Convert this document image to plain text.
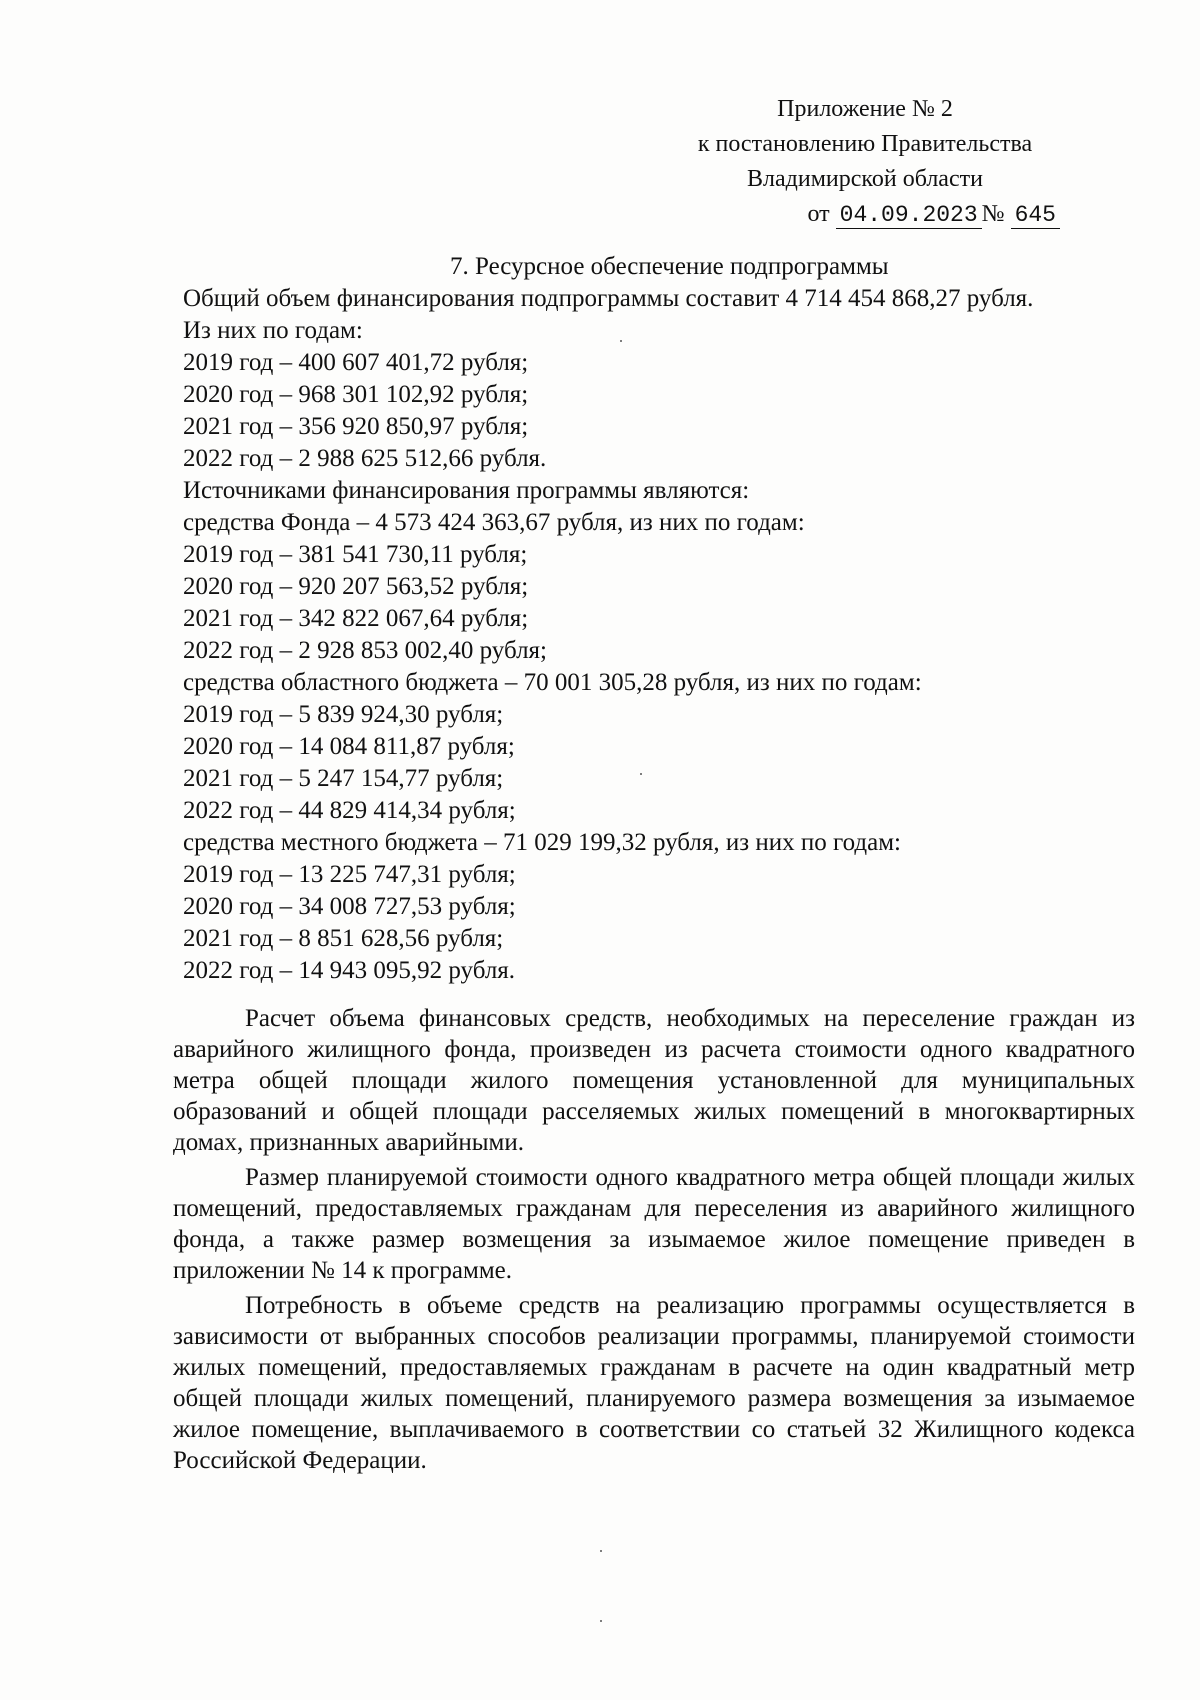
Приложение № 2
к постановлению Правительства
Владимирской области
от 04.09.2023 № 645
7. Ресурсное обеспечение подпрограммы
Общий объем финансирования подпрограммы составит 4 714 454 868,27 рубля.
Из них по годам:
2019 год – 400 607 401,72 рубля;
2020 год – 968 301 102,92 рубля;
2021 год – 356 920 850,97 рубля;
2022 год – 2 988 625 512,66 рубля.
Источниками финансирования программы являются:
средства Фонда – 4 573 424 363,67 рубля, из них по годам:
2019 год – 381 541 730,11 рубля;
2020 год – 920 207 563,52 рубля;
2021 год – 342 822 067,64 рубля;
2022 год – 2 928 853 002,40 рубля;
средства областного бюджета – 70 001 305,28 рубля, из них по годам:
2019 год – 5 839 924,30 рубля;
2020 год – 14 084 811,87 рубля;
2021 год – 5 247 154,77 рубля;
2022 год – 44 829 414,34 рубля;
средства местного бюджета – 71 029 199,32 рубля, из них по годам:
2019 год – 13 225 747,31 рубля;
2020 год – 34 008 727,53 рубля;
2021 год – 8 851 628,56 рубля;
2022 год – 14 943 095,92 рубля.

Расчет объема финансовых средств, необходимых на переселение граждан из аварийного жилищного фонда, произведен из расчета стоимости одного квадратного метра общей площади жилого помещения установленной для муниципальных образований и общей площади расселяемых жилых помещений в многоквартирных домах, признанных аварийными.

Размер планируемой стоимости одного квадратного метра общей площади жилых помещений, предоставляемых гражданам для переселения из аварийного жилищного фонда, а также размер возмещения за изымаемое жилое помещение приведен в приложении № 14 к программе.

Потребность в объеме средств на реализацию программы осуществляется в зависимости от выбранных способов реализации программы, планируемой стоимости жилых помещений, предоставляемых гражданам в расчете на один квадратный метр общей площади жилых помещений, планируемого размера возмещения за изымаемое жилое помещение, выплачиваемого в соответствии со статьей 32 Жилищного кодекса Российской Федерации.
